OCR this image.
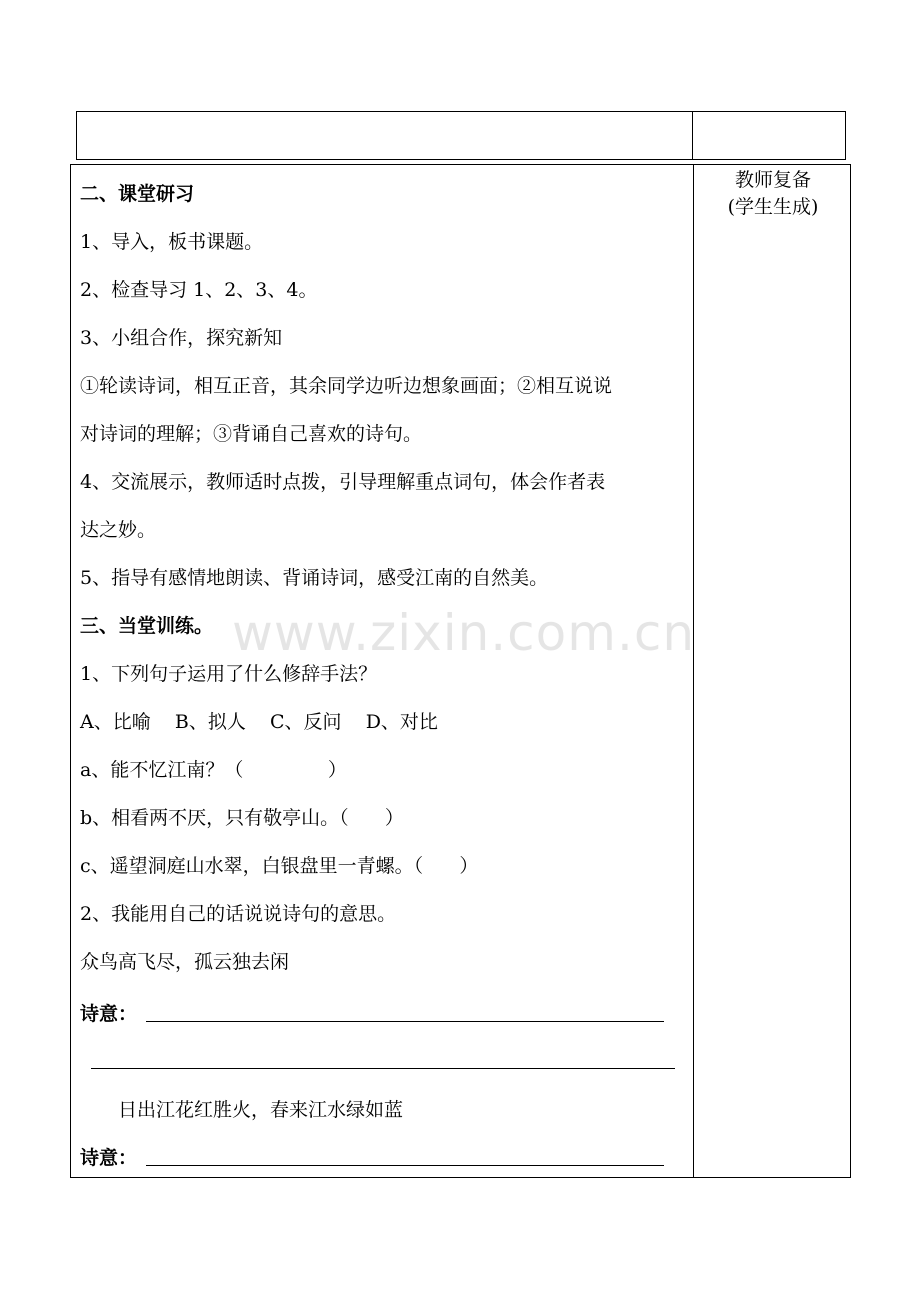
教师复备
(学生生成)
二、课堂研习
1、导入，板书课题。
2、检查导习 1、2、3、4。
3、小组合作，探究新知
①轮读诗词，相互正音，其余同学边听边想象画面；②相互说说
对诗词的理解；③背诵自己喜欢的诗句。
4、交流展示，教师适时点拨，引导理解重点词句，体会作者表
达之妙。
5、指导有感情地朗读、背诵诗词，感受江南的自然美。
三、当堂训练。
1、下列句子运用了什么修辞手法？
A、比喻    B、拟人    C、反问    D、对比
a、能不忆江南？（              ）
b、相看两不厌，只有敬亭山。（      ）
c、遥望洞庭山水翠，白银盘里一青螺。（      ）
2、我能用自己的话说说诗句的意思。
众鸟高飞尽，孤云独去闲
诗意：
日出江花红胜火，春来江水绿如蓝
诗意：
www.zixin.com.cn
